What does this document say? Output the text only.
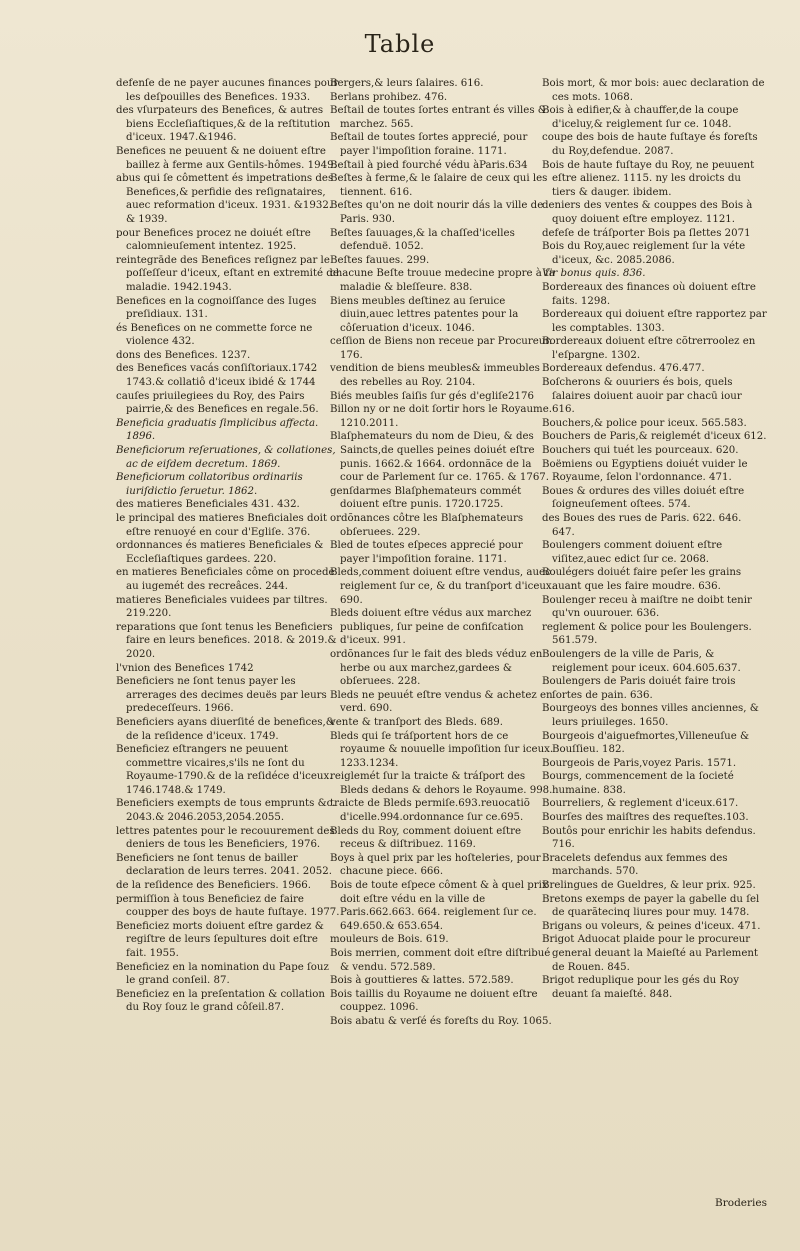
Table

defenſe de ne payer aucunes finances pour les deſpouilles des Benefices. 1933.

des vſurpateurs des Benefices, & autres biens Eccleſiaſtiques,& de la reſtitution d'iceux. 1947.&1946.

Benefices ne peuuent & ne doiuent eſtre baillez à ferme aux Gentils-hômes. 1949.

abus qui ſe cômettent és impetrations des Benefices,& perfidie des reſignataires, auec reformation d'iceux. 1931. &1932. & 1939.

pour Benefices procez ne doiuét eſtre calomnieuſement intentez. 1925.

reintegrāde des Benefices reſignez par le poſſeſſeur d'iceux, eſtant en extremité de maladie. 1942.1943.

Benefices en la cognoiſſance des Iuges preſidiaux. 131.

és Benefices on ne commette force ne violence 432.

dons des Benefices. 1237.

des Benefices vacás conſiſtoriaux.1742 1743.& collatiô d'iceux ibidé & 1744

cauſes priuilegiees du Roy, des Pairs pairrie,& des Benefices en regale.56.

Beneficia graduatis ſimplicibus affecta. 1896.

Beneficiorum reſeruationes, & collationes, ac de eiſdem decretum. 1869.

Beneficiorum collatoribus ordinariis iuriſdictio ſeruetur. 1862.

des matieres Beneficiales 431. 432.

le principal des matieres Bneficiales doit eſtre renuoyé en cour d'Egliſe. 376.

ordonnances és matieres Beneficiales & Eccleſiaſtiques gardees. 220.

en matieres Beneficiales côme on procede au iugemét des recreâces. 244.

matieres Beneficiales vuidees par tiltres. 219.220.

reparations que ſont tenus les Beneficiers faire en leurs benefices. 2018. & 2019.& 2020.

l'vnion des Benefices 1742

Beneficiers ne ſont tenus payer les arrerages des decimes deuës par leurs predeceſſeurs. 1966.

Beneficiers ayans diuerſité de benefices,& de la reſidence d'iceux. 1749.

Beneficiez eſtrangers ne peuuent commettre vicaires,s'ils ne ſont du Royaume-1790.& de la reſidéce d'iceux. 1746.1748.& 1749.

Beneficiers exempts de tous emprunts &c. 2043.& 2046.2053,2054.2055.

lettres patentes pour le recouurement des deniers de tous les Beneficiers, 1976.

Beneficiers ne ſont tenus de bailler declaration de leurs terres. 2041. 2052.

de la reſidence des Beneficiers. 1966.

permiſſion à tous Beneficiez de faire coupper des boys de haute fuſtaye. 1977.

Beneficiez morts doiuent eſtre gardez & regiſtre de leurs ſepultures doit eſtre fait. 1955.

Beneficiez en la nomination du Pape ſouz le grand conſeil. 87.

Beneficiez en la preſentation & collation du Roy ſouz le grand côſeil.87.

Bergers,& leurs ſalaires. 616.

Berlans prohibez. 476.

Beſtail de toutes ſortes entrant és villes & marchez. 565.

Beſtail de toutes ſortes apprecié, pour payer l'impoſition foraine. 1171.

Beſtail à pied fourché védu àParis.634

Beſtes à ferme,& le ſalaire de ceux qui les tiennent. 616.

Beſtes qu'on ne doit nourir dás la ville de Paris. 930.

Beſtes ſauuages,& la chaſſed'icelles defenduë. 1052.

Beſtes fauues. 299.

chacune Beſte trouue medecine propre à ſa maladie & bleſſeure. 838.

Biens meubles deſtinez au ſeruice diuin,auec lettres patentes pour la côſeruation d'iceux. 1046.

ceſſion de Biens non receue par Procureur. 176.

vendition de biens meubles& immeubles des rebelles au Roy. 2104.

Biés meubles ſaiſis ſur gés d'egliſe2176

Billon ny or ne doit ſortir hors le Royaume. 1210.2011.

Blaſphemateurs du nom de Dieu, & des Saincts,de quelles peines doiuét eſtre punis. 1662.& 1664. ordonnãce de la cour de Parlement ſur ce. 1765. & 1767.

genſdarmes Blaſphemateurs commét doiuent eſtre punis. 1720.1725.

ordõnances côtre les Blaſphemateurs obſeruees. 229.

Bled de toutes eſpeces apprecié pour payer l'impoſition foraine. 1171.

Bleds,comment doiuent eſtre vendus, auec reiglement ſur ce, & du tranſport d'iceux. 690.

Bleds doiuent eſtre védus aux marchez publiques, ſur peine de confiſcation d'iceux. 991.

ordõnances ſur le fait des bleds véduz en herbe ou aux marchez,gardees & obſeruees. 228.

Bleds ne peuuét eſtre vendus & achetez en verd. 690.

vente & tranſport des Bleds. 689.

Bleds qui ſe tráſportent hors de ce royaume & nouuelle impoſition ſur iceux. 1233.1234.

reiglemét ſur la traicte & tráſport des Bleds dedans & dehors le Royaume. 998.

traicte de Bleds permiſe.693.reuocatiõ d'icelle.994.ordonnance ſur ce.695.

Bleds du Roy, comment doiuent eſtre receus & diſtribuez. 1169.

Boys à quel prix par les hoſteleries, pour chacune piece. 666.

Bois de toute eſpece côment & à quel prix doit eſtre védu en la ville de Paris.662.663. 664. reiglement ſur ce. 649.650.& 653.654.

mouleurs de Bois. 619.

Bois merrien, comment doit eſtre diſtribué & vendu. 572.589.

Bois à gouttieres & lattes. 572.589.

Bois taillis du Royaume ne doiuent eſtre couppez. 1096.

Bois abatu & verſé és foreſts du Roy. 1065.

Bois mort, & mor bois: auec declaration de ces mots. 1068.

Bois à edifier,& à chauffer,de la coupe d'iceluy,& reiglement ſur ce. 1048.

coupe des bois de haute fuſtaye és foreſts du Roy,defendue. 2087.

Bois de haute fuſtaye du Roy, ne peuuent eſtre alienez. 1115. ny les droicts du tiers & dauger. ibidem.

deniers des ventes & couppes des Bois à quoy doiuent eſtre employez. 1121.

defeſe de tráſporter Bois pa ſlettes 2071

Bois du Roy,auec reiglement ſur la véte d'iceux, &c. 2085.2086.

Vir bonus quis. 836.

Bordereaux des finances où doiuent eſtre faits. 1298.

Bordereaux qui doiuent eſtre rapportez par les comptables. 1303.

Bordereaux doiuent eſtre cõtrerroolez en l'eſpargne. 1302.

Bordereaux defendus. 476.477.

Boſcherons & ouuriers és bois, quels ſalaires doiuent auoir par chacū iour 616.

Bouchers,& police pour iceux. 565.583.

Bouchers de Paris,& reiglemét d'iceux 612.

Bouchers qui tuét les pourceaux. 620.

Boëmiens ou Egyptiens doiuét vuider le Royaume, ſelon l'ordonnance. 471.

Boues & ordures des villes doiuét eſtre ſoigneuſement oſtees. 574.

des Boues des rues de Paris. 622. 646. 647.

Boulengers comment doiuent eſtre viſitez,auec edict ſur ce. 2068.

Boulégers doiuét faire peſer les grains auant que les faire moudre. 636.

Boulenger receu à maiſtre ne doibt tenir qu'vn ouurouer. 636.

reglement & police pour les Boulengers. 561.579.

Boulengers de la ville de Paris, & reiglement pour iceux. 604.605.637.

Boulengers de Paris doiuét faire trois ſortes de pain. 636.

Bourgeoys des bonnes villes anciennes, & leurs priuileges. 1650.

Bourgeois d'aiguefmortes,Villeneuſue & Bouſſieu. 182.

Bourgeois de Paris,voyez Paris. 1571.

Bourgs, commencement de la ſocieté humaine. 838.

Bourreliers, & reglement d'iceux.617.

Bourſes des maiſtres des requeſtes.103.

Boutôs pour enrichir les habits defendus. 716.

Bracelets defendus aux femmes des marchands. 570.

Brelingues de Gueldres, & leur prix. 925.

Bretons exemps de payer la gabelle du ſel de quarãtecinq liures pour muy. 1478.

Brigans ou voleurs, & peines d'iceux. 471.

Brigot Aduocat plaide pour le procureur general deuant la Maieſté au Parlement de Rouen. 845.

Brigot reduplique pour les gés du Roy deuant ſa maieſté. 848.

Broderies
